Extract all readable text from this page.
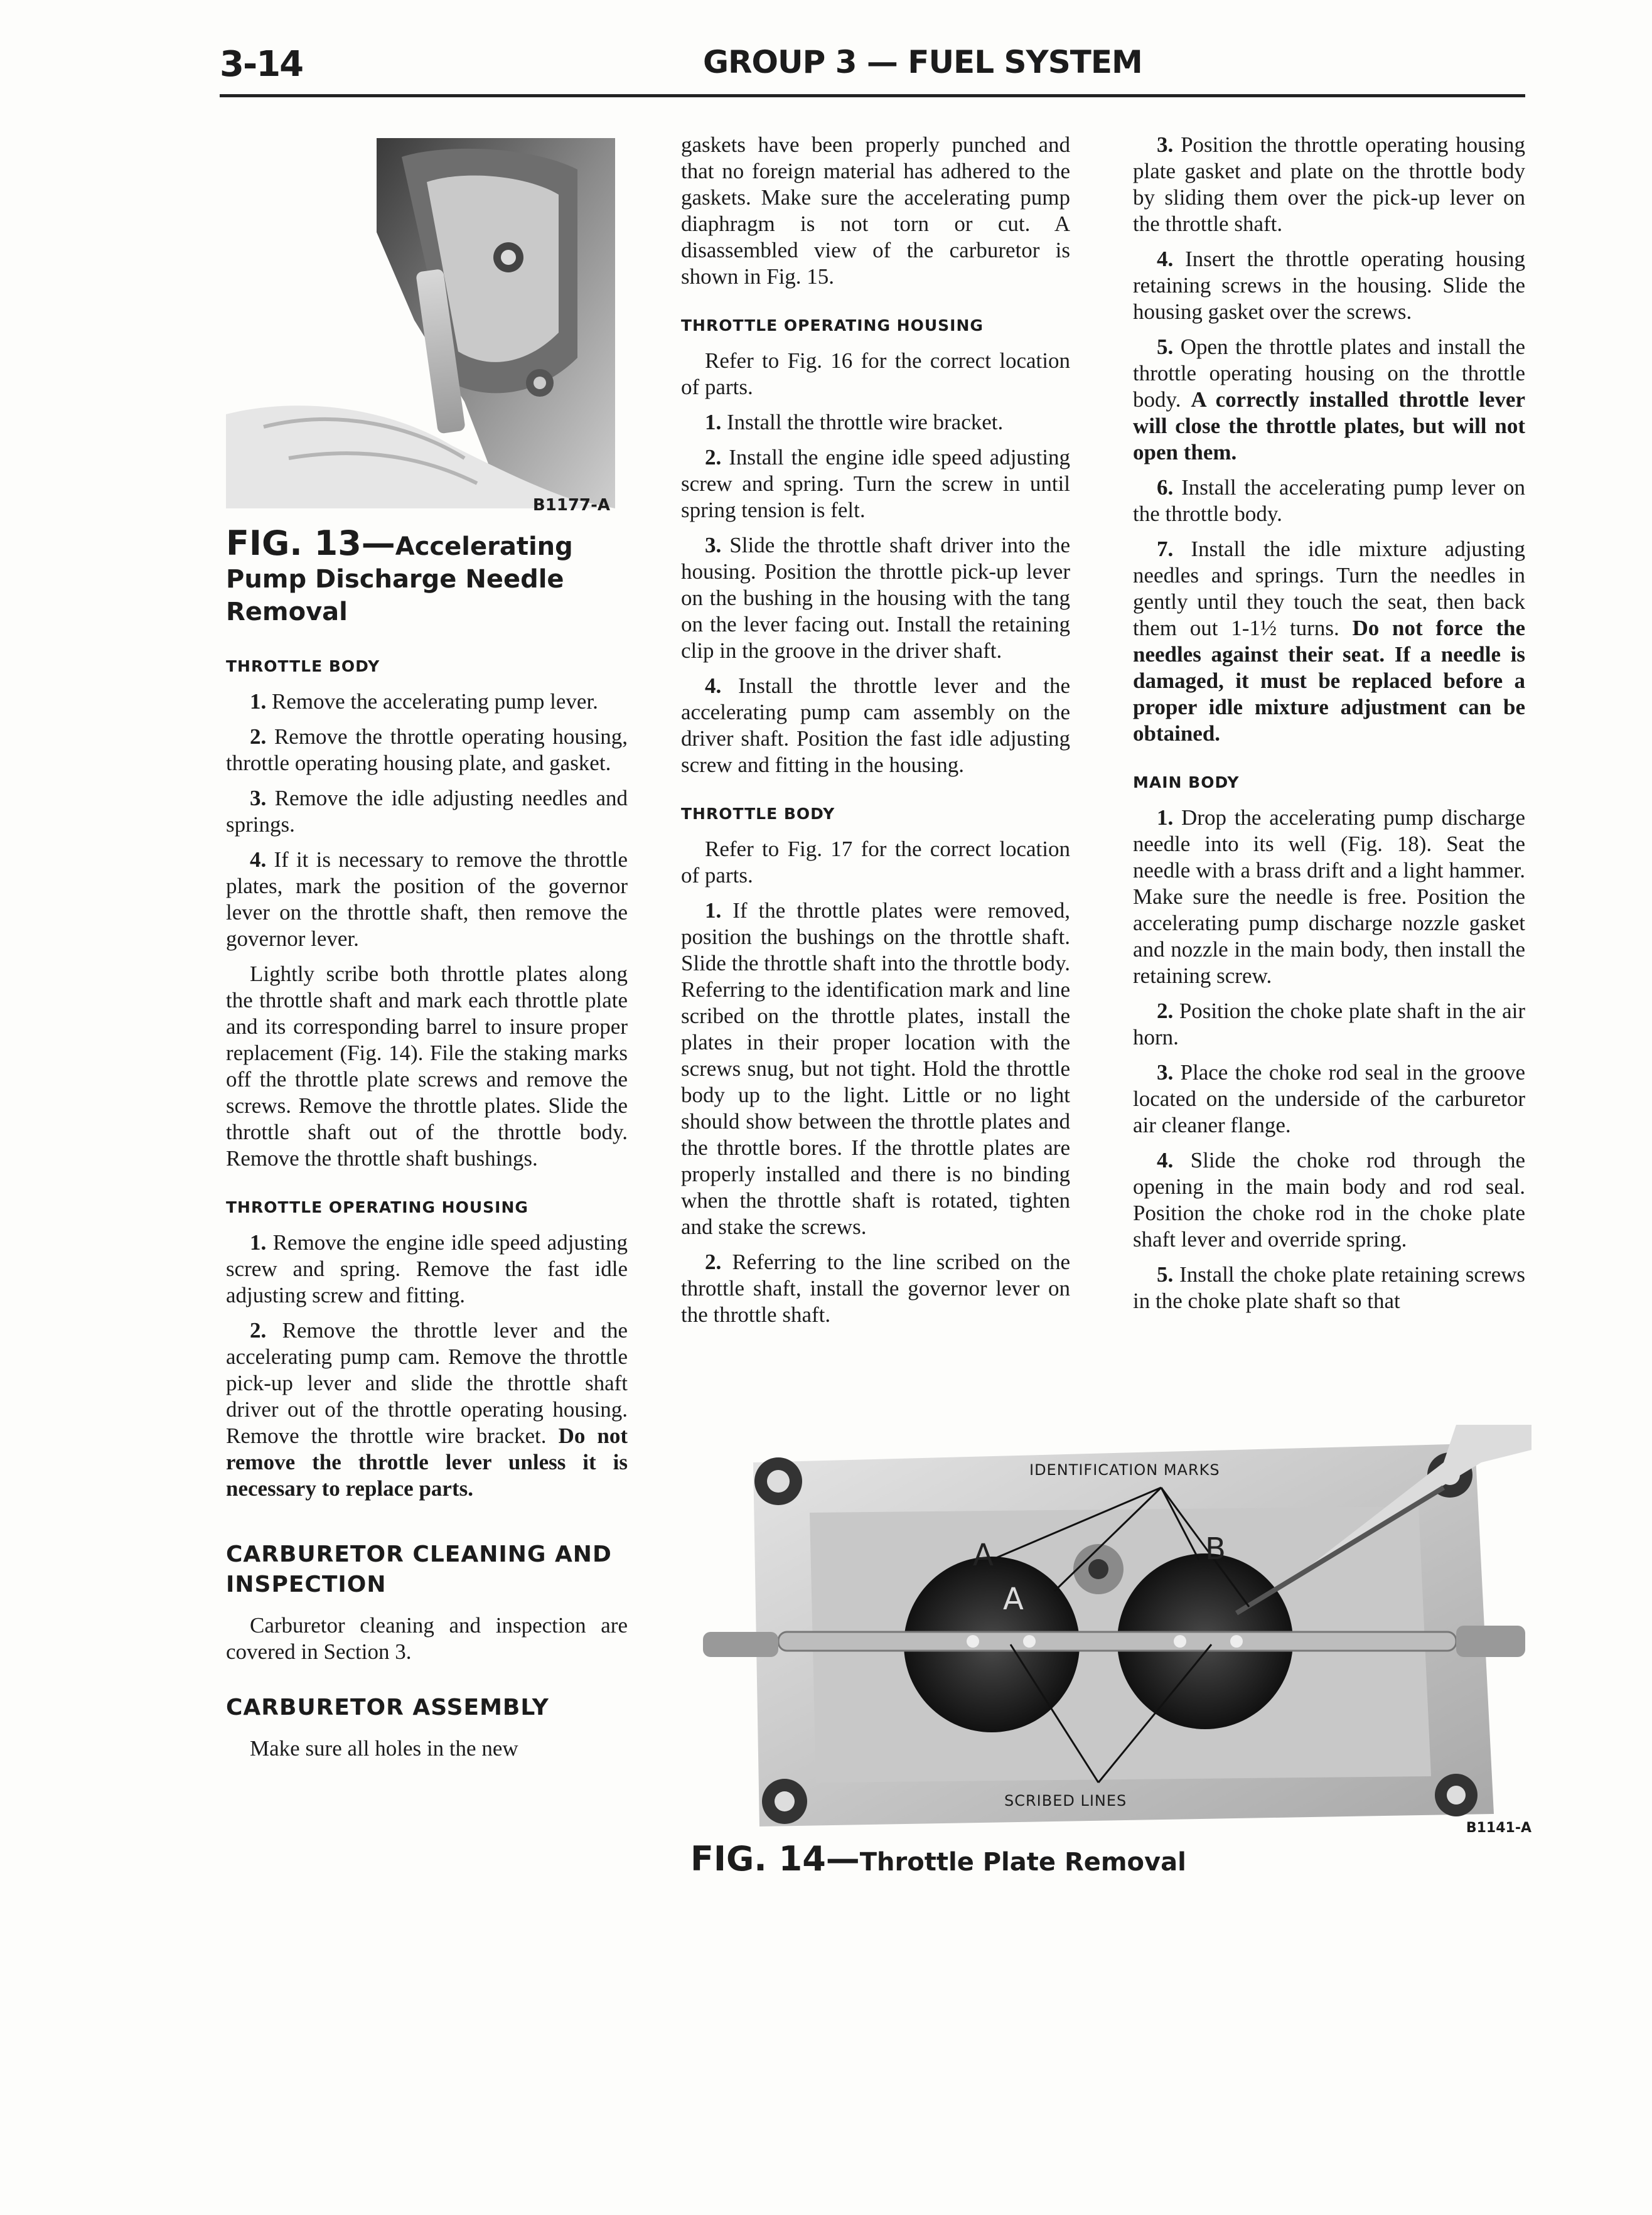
3-14	GROUP 3 — FUEL SYSTEM
B1177-A
FIG. 13—Accelerating Pump Discharge Needle Removal
THROTTLE BODY

1. Remove the accelerating pump lever.

2. Remove the throttle operating housing, throttle operating housing plate, and gasket.

3. Remove the idle adjusting needles and springs.

4. If it is necessary to remove the throttle plates, mark the position of the governor lever on the throttle shaft, then remove the governor lever.

Lightly scribe both throttle plates along the throttle shaft and mark each throttle plate and its corresponding barrel to insure proper replacement (Fig. 14). File the staking marks off the throttle plate screws and remove the screws. Remove the throttle plates. Slide the throttle shaft out of the throttle body. Remove the throttle shaft bushings.

THROTTLE OPERATING HOUSING

1. Remove the engine idle speed adjusting screw and spring. Remove the fast idle adjusting screw and fitting.

2. Remove the throttle lever and the accelerating pump cam. Remove the throttle pick-up lever and slide the throttle shaft driver out of the throttle operating housing. Remove the throttle wire bracket. Do not remove the throttle lever unless it is necessary to replace parts.

CARBURETOR CLEANING AND INSPECTION

Carburetor cleaning and inspection are covered in Section 3.

CARBURETOR ASSEMBLY

Make sure all holes in the new

gaskets have been properly punched and that no foreign material has adhered to the gaskets. Make sure the accelerating pump diaphragm is not torn or cut. A disassembled view of the carburetor is shown in Fig. 15.

THROTTLE OPERATING HOUSING

Refer to Fig. 16 for the correct location of parts.

1. Install the throttle wire bracket.

2. Install the engine idle speed adjusting screw and spring. Turn the screw in until spring tension is felt.

3. Slide the throttle shaft driver into the housing. Position the throttle pick-up lever on the bushing in the housing with the tang on the lever facing out. Install the retaining clip in the groove in the driver shaft.

4. Install the throttle lever and the accelerating pump cam assembly on the driver shaft. Position the fast idle adjusting screw and fitting in the housing.

THROTTLE BODY

Refer to Fig. 17 for the correct location of parts.

1. If the throttle plates were removed, position the bushings on the throttle shaft. Slide the throttle shaft into the throttle body. Referring to the identification mark and line scribed on the throttle plates, install the plates in their proper location with the screws snug, but not tight. Hold the throttle body up to the light. Little or no light should show between the throttle plates and the throttle bores. If the throttle plates are properly installed and there is no binding when the throttle shaft is rotated, tighten and stake the screws.

2. Referring to the line scribed on the throttle shaft, install the governor lever on the throttle shaft.

3. Position the throttle operating housing plate gasket and plate on the throttle body by sliding them over the pick-up lever on the throttle shaft.

4. Insert the throttle operating housing retaining screws in the housing. Slide the housing gasket over the screws.

5. Open the throttle plates and install the throttle operating housing on the throttle body. A correctly installed throttle lever will close the throttle plates, but will not open them.

6. Install the accelerating pump lever on the throttle body.

7. Install the idle mixture adjusting needles and springs. Turn the needles in gently until they touch the seat, then back them out 1-1½ turns. Do not force the needles against their seat. If a needle is damaged, it must be replaced before a proper idle mixture adjustment can be obtained.

MAIN BODY

1. Drop the accelerating pump discharge needle into its well (Fig. 18). Seat the needle with a brass drift and a light hammer. Make sure the needle is free. Position the accelerating pump discharge nozzle gasket and nozzle in the main body, then install the retaining screw.

2. Position the choke plate shaft in the air horn.

3. Place the choke rod seal in the groove located on the underside of the carburetor air cleaner flange.

4. Slide the choke rod through the opening in the main body and rod seal. Position the choke rod in the choke plate shaft lever and override spring.

5. Install the choke plate retaining screws in the choke plate shaft so that

IDENTIFICATION MARKS
SCRIBED LINES
A	B
A
B1141-A
FIG. 14—Throttle Plate Removal
